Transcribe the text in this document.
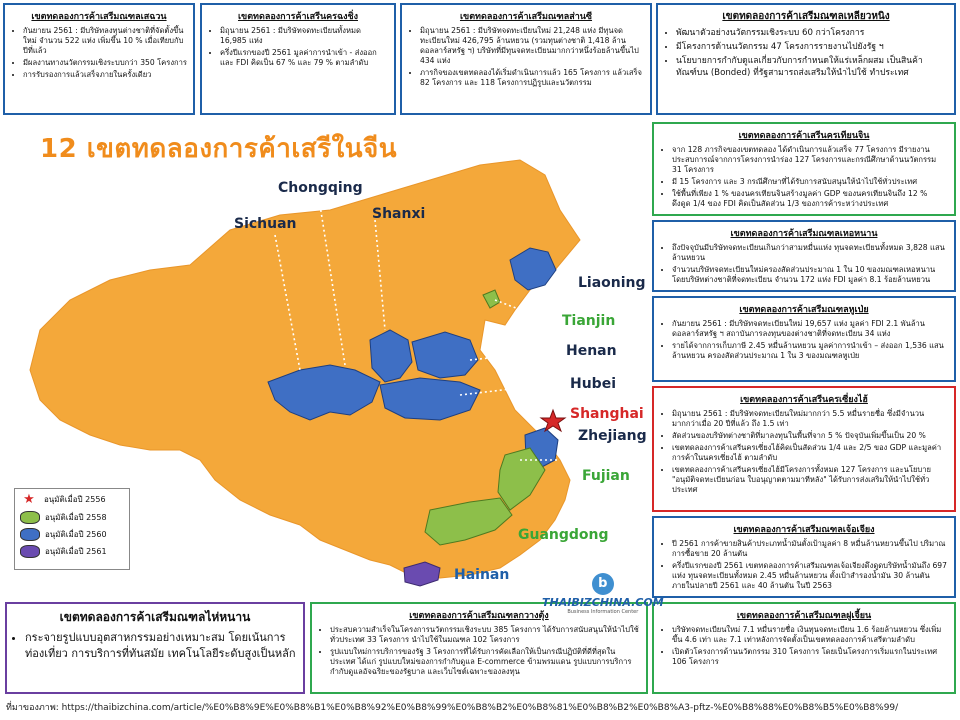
เขตทดลองการค้าเสรีมณฑลเสฉวน
• กันยายน 2561 : มีบริษัทลงทุนต่างชาติที่จัดตั้งขึ้นใหม่ จำนวน 522 แห่ง เพิ่มขึ้น 10 % เมื่อเทียบกับปีที่แล้ว
• มีผลงานทางนวัตกรรมเชิงระบบกว่า 350 โครงการ
• การรับรองการแล้วเสร็จภายในครั้งเดียว
เขตทดลองการค้าเสรีนครฉงชิ่ง
• มิถุนายน 2561 : มีบริษัทจดทะเบียนทั้งหมด 16,985 แห่ง
• ครึ่งปีแรกของปี 2561 มูลค่าการนำเข้า - ส่งออกและ FDI คิดเป็น 67 % และ 79 % ตามลำดับ
เขตทดลองการค้าเสรีมณฑลส่านซี
• มิถุนายน 2561 : มีบริษัทจดทะเบียนใหม่ 21,248 แห่ง มีทุนจดทะเบียนใหม่ 426,795 ล้านหยวน (รวมทุนต่างชาติ 1,418 ล้านดอลลาร์สหรัฐ ฯ) บริษัทที่มีทุนจดทะเบียนมากกว่าหนึ่งร้อยล้านขึ้นไป 434 แห่ง
• ภารกิจของเขตทดลองได้เริ่มดำเนินการแล้ว 165 โครงการ แล้วเสร็จ 82 โครงการ และ 118 โครงการปฏิรูปและนวัตกรรม
เขตทดลองการค้าเสรีมณฑลเหลียวหนิง
• พัฒนาตัวอย่างนวัตกรรมเชิงระบบ 60 กว่าโครงการ
• มีโครงการด้านนวัตกรรม 47 โครงการรายงานไปยังรัฐ ฯ
• นโยบายการกำกับดูแลเกี่ยวกับการกำหนดให้แร่เหล็กผสม เป็นสินค้าทัณฑ์บน (Bonded) ที่รัฐสามารถส่งเสริมให้นำไปใช้ ทำประเทศ
เขตทดลองการค้าเสรีนครเทียนจิน
• จาก 128 ภารกิจของเขตทดลอง ได้ดำเนินการแล้วเสร็จ 77 โครงการ มีรายงานประสบการณ์จากการโครงการนำร่อง 127 โครงการและกรณีศึกษาด้านนวัตกรรม 31 โครงการ
• มี 15 โครงการ และ 3 กรณีศึกษาที่ได้รับการสนับสนุนให้นำไปใช้ทั่วประเทศ
• ใช้พื้นที่เพียง 1 % ของนครเทียนจินสร้างมูลค่า GDP ของนครเทียนจินถึง 12 % ดึงดูด 1/4 ของ FDI คิดเป็นสัดส่วน 1/3 ของการค้าระหว่างประเทศ
เขตทดลองการค้าเสรีมณฑลเหอหนาน
• ถึงปัจจุบันมีบริษัทจดทะเบียนเกินกว่าสามหมื่นแห่ง ทุนจดทะเบียนทั้งหมด 3,828 แสนล้านหยวน
• จำนวนบริษัทจดทะเบียนใหม่ครองสัดส่วนประมาณ 1 ใน 10 ของมณฑลเหอหนาน โดยบริษัทต่างชาติที่จดทะเบียน จำนวน 172 แห่ง FDI มูลค่า 8.1 ร้อยล้านหยวน
เขตทดลองการค้าเสรีมณฑลหูเป่ย
• กันยายน 2561 : มีบริษัทจดทะเบียนใหม่ 19,657 แห่ง มูลค่า FDI 2.1 พันล้านดอลลาร์สหรัฐ ฯ สถาบันการลงทุนของต่างชาติที่จดทะเบียน 34 แห่ง
• รายได้จากการเก็บภาษี 2.45 หมื่นล้านหยวน มูลค่าการนำเข้า – ส่งออก 1,536 แสนล้านหยวน ครองสัดส่วนประมาณ 1 ใน 3 ของมณฑลหูเป่ย
เขตทดลองการค้าเสรีนครเซี่ยงไฮ้
• มิถุนายน 2561 : มีบริษัทจดทะเบียนใหม่มากกว่า 5.5 หมื่นรายชื่อ ซึ่งมีจำนวนมากกว่าเมื่อ 20 ปีที่แล้ว ถึง 1.5 เท่า
• สัดส่วนของบริษัทต่างชาติที่มาลงทุนในพื้นที่จาก 5 % ปัจจุบันเพิ่มขึ้นเป็น 20 %
• เขตทดลองการค้าเสรีนครเซี่ยงไฮ้คิดเป็นสัดส่วน 1/4 และ 2/5 ของ GDP และมูลค่าการค้าในนครเซี่ยงไฮ้ ตามลำดับ
• เขตทดลองการค้าเสรีนครเซี่ยงไฮ้มีโครงการทั้งหมด 127 โครงการ และนโยบาย "อนุมัติจดทะเบียนก่อน ใบอนุญาตตามมาทีหลัง" ได้รับการส่งเสริมให้นำไปใช้ทั่วประเทศ
เขตทดลองการค้าเสรีมณฑลเจ้อเจียง
• ปี 2561 การค้าขายสินค้าประเภทน้ำมันตั้งเป้ามูลค่า 8 หมื่นล้านหยวนขึ้นไป ปริมาณการซื้อขาย 20 ล้านตัน
• ครึ่งปีแรกของปี 2561 เขตทดลองการค้าเสรีมณฑลเจ้อเจียงดึงดูดบริษัทน้ำมันถึง 697 แห่ง ทุนจดทะเบียนทั้งหมด 2.45 หมื่นล้านหยวน ตั้งเป้าสำรองน้ำมัน 30 ล้านตันภายในปลายปี 2561 และ 40 ล้านตัน ในปี 2563
เขตทดลองการค้าเสรีมณฑลไห่หนาน
• กระจายรูปแบบอุตสาหกรรมอย่างเหมาะสม โดยเน้นการท่องเที่ยว การบริการที่ทันสมัย เทคโนโลยีระดับสูงเป็นหลัก
เขตทดลองการค้าเสรีมณฑลกวางตุ้ง
• ประสบความสำเร็จในโครงการนวัตกรรมเชิงระบบ 385 โครงการ ได้รับการสนับสนุนให้นำไปใช้ทั่วประเทศ 33 โครงการ นำไปใช้ในมณฑล 102 โครงการ
• รูปแบบใหม่การบริการของรัฐ 3 โครงการที่ได้รับการคัดเลือกให้เป็นกรณีปฏิบัติที่ดีที่สุดในประเทศ ได้แก่ รูปแบบใหม่ของการกำกับดูแล E-commerce ข้ามพรมแดน รูปแบบการบริการกำกับดูแลอัจฉริยะของรัฐบาล และเว็บไซต์เฉพาะของลงทุน
เขตทดลองการค้าเสรีมณฑลฝูเจี้ยน
• บริษัทจดทะเบียนใหม่ 7.1 หมื่นรายชื่อ เงินทุนจดทะเบียน 1.6 ร้อยล้านหยวน ซึ่งเพิ่มขึ้น 4.6 เท่า และ 7.1 เท่าหลังการจัดตั้งเป็นเขตทดลองการค้าเสรีตามลำดับ
• เปิดตัวโครงการด้านนวัตกรรม 310 โครงการ โดยเป็นโครงการเริ่มแรกในประเทศ 106 โครงการ
12 เขตทดลองการค้าเสรีในจีน
Sichuan
Chongqing
Shanxi
Liaoning
Tianjin
Henan
Hubei
Shanghai
Zhejiang
Fujian
Guangdong
Hainan
★	อนุมัติเมื่อปี 2556
อนุมัติเมื่อปี 2558
อนุมัติเมื่อปี 2560
อนุมัติเมื่อปี 2561
b
THAIBIZCHINA.COM
Business Information Center
ที่มาของภาพ: https://thaibizchina.com/article/%E0%B8%9E%E0%B8%B1%E0%B8%92%E0%B8%99%E0%B8%B2%E0%B8%81%E0%B8%B2%E0%B8%A3-pftz-%E0%B8%88%E0%B8%B5%E0%B8%99/
